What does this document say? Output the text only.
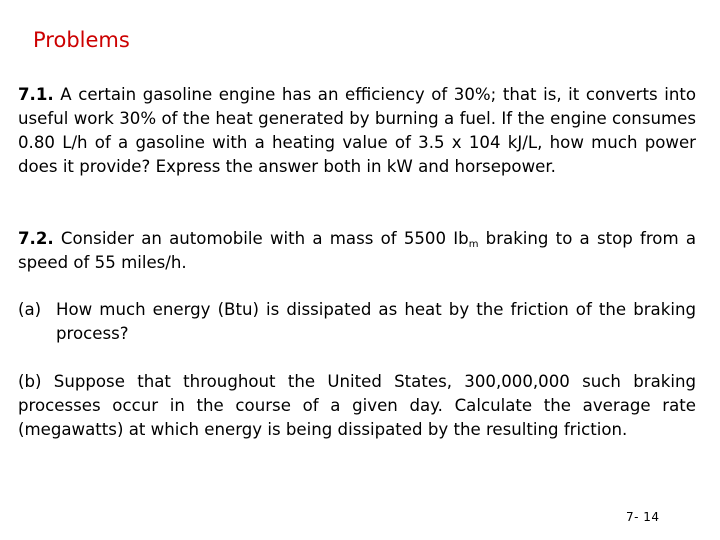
Problems
7.1. A certain gasoline engine has an efficiency of 30%; that is, it converts into useful work 30% of the heat generated by burning a fuel. If the engine consumes 0.80 L/h of a gasoline with a heating value of 3.5 x 104 kJ/L, how much power does it provide? Express the answer both in kW and horsepower.
7.2. Consider an automobile with a mass of 5500 $Ib_m$ braking to a stop from a speed of 55 miles/h.
(a) How much energy (Btu) is dissipated as heat by the friction of the braking process?
(b) Suppose that throughout the United States, 300,000,000 such braking processes occur in the course of a given day. Calculate the average rate (megawatts) at which energy is being dissipated by the resulting friction.
7- 14
